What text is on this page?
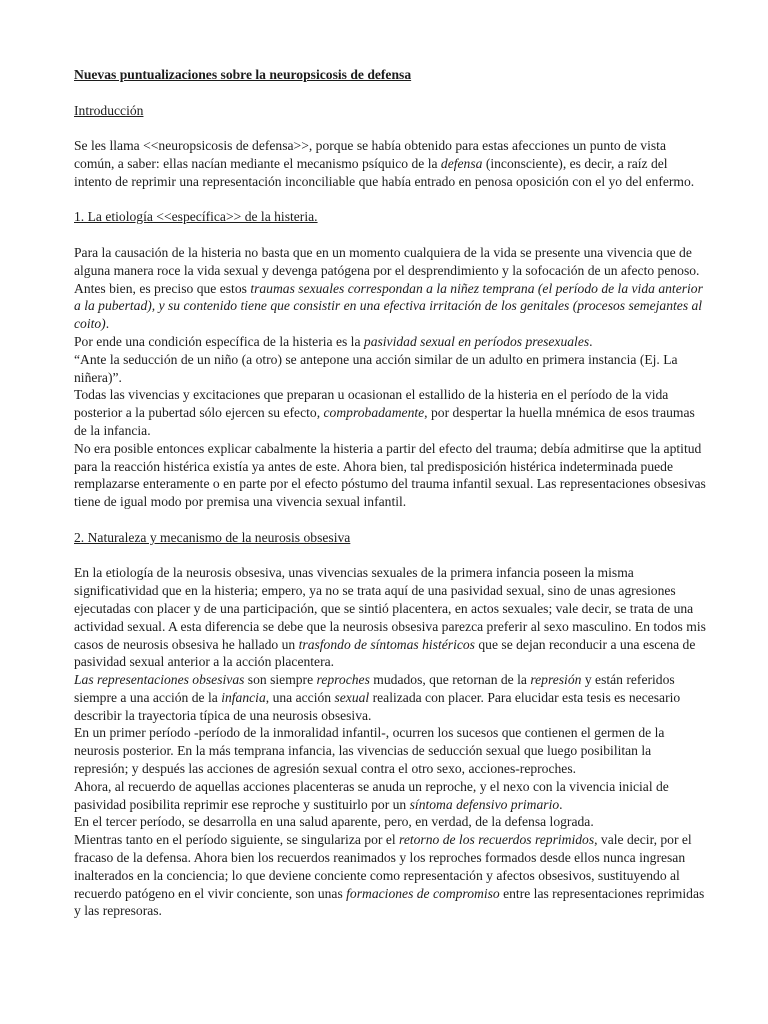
Nuevas puntualizaciones sobre la neuropsicosis de defensa

Introducción

Se les llama <<neuropsicosis de defensa>>, porque se había obtenido para estas afecciones un punto de vista común, a saber: ellas nacían mediante el mecanismo psíquico de la defensa (inconsciente), es decir, a raíz del intento de reprimir una representación inconciliable que había entrado en penosa oposición con el yo del enfermo.

1. La etiología <<específica>> de la histeria.

Para la causación de la histeria no basta que en un momento cualquiera de la vida se presente una vivencia que de alguna manera roce la vida sexual y devenga patógena por el desprendimiento y la sofocación de un afecto penoso. Antes bien, es preciso que estos traumas sexuales correspondan a la niñez temprana (el período de la vida anterior a la pubertad), y su contenido tiene que consistir en una efectiva irritación de los genitales (procesos semejantes al coito).

Por ende una condición específica de la histeria es la pasividad sexual en períodos presexuales.

“Ante la seducción de un niño (a otro) se antepone una acción similar de un adulto en primera instancia (Ej. La niñera)”.

Todas las vivencias y excitaciones que preparan u ocasionan el estallido de la histeria en el período de la vida posterior a la pubertad sólo ejercen su efecto, comprobadamente, por despertar la huella mnémica de esos traumas de la infancia.

No era posible entonces explicar cabalmente la histeria a partir del efecto del trauma; debía admitirse que la aptitud para la reacción histérica existía ya antes de este. Ahora bien, tal predisposición histérica indeterminada puede remplazarse enteramente o en parte por el efecto póstumo del trauma infantil sexual. Las representaciones obsesivas tiene de igual modo por premisa una vivencia sexual infantil.

2. Naturaleza y mecanismo de la neurosis obsesiva

En la etiología de la neurosis obsesiva, unas vivencias sexuales de la primera infancia poseen la misma significatividad que en la histeria; empero, ya no se trata aquí de una pasividad sexual, sino de unas agresiones ejecutadas con placer y de una participación, que se sintió placentera, en actos sexuales; vale decir, se trata de una actividad sexual. A esta diferencia se debe que la neurosis obsesiva parezca preferir al sexo masculino. En todos mis casos de neurosis obsesiva he hallado un trasfondo de síntomas histéricos que se dejan reconducir a una escena de pasividad sexual anterior a la acción placentera.

Las representaciones obsesivas son siempre reproches mudados, que retornan de la represión y están referidos siempre a una acción de la infancia, una acción sexual realizada con placer. Para elucidar esta tesis es necesario describir la trayectoria típica de una neurosis obsesiva.

En un primer período -período de la inmoralidad infantil-, ocurren los sucesos que contienen el germen de la neurosis posterior. En la más temprana infancia, las vivencias de seducción sexual que luego posibilitan la represión; y después las acciones de agresión sexual contra el otro sexo, acciones-reproches.

Ahora, al recuerdo de aquellas acciones placenteras se anuda un reproche, y el nexo con la vivencia inicial de pasividad posibilita reprimir ese reproche y sustituirlo por un síntoma defensivo primario.

En el tercer período, se desarrolla en una salud aparente, pero, en verdad, de la defensa lograda.

Mientras tanto en el período siguiente, se singulariza por el retorno de los recuerdos reprimidos, vale decir, por el fracaso de la defensa. Ahora bien los recuerdos reanimados y los reproches formados desde ellos nunca ingresan inalterados en la conciencia; lo que deviene conciente como representación y afectos obsesivos, sustituyendo al recuerdo patógeno en el vivir conciente, son unas formaciones de compromiso entre las representaciones reprimidas y las represoras.
